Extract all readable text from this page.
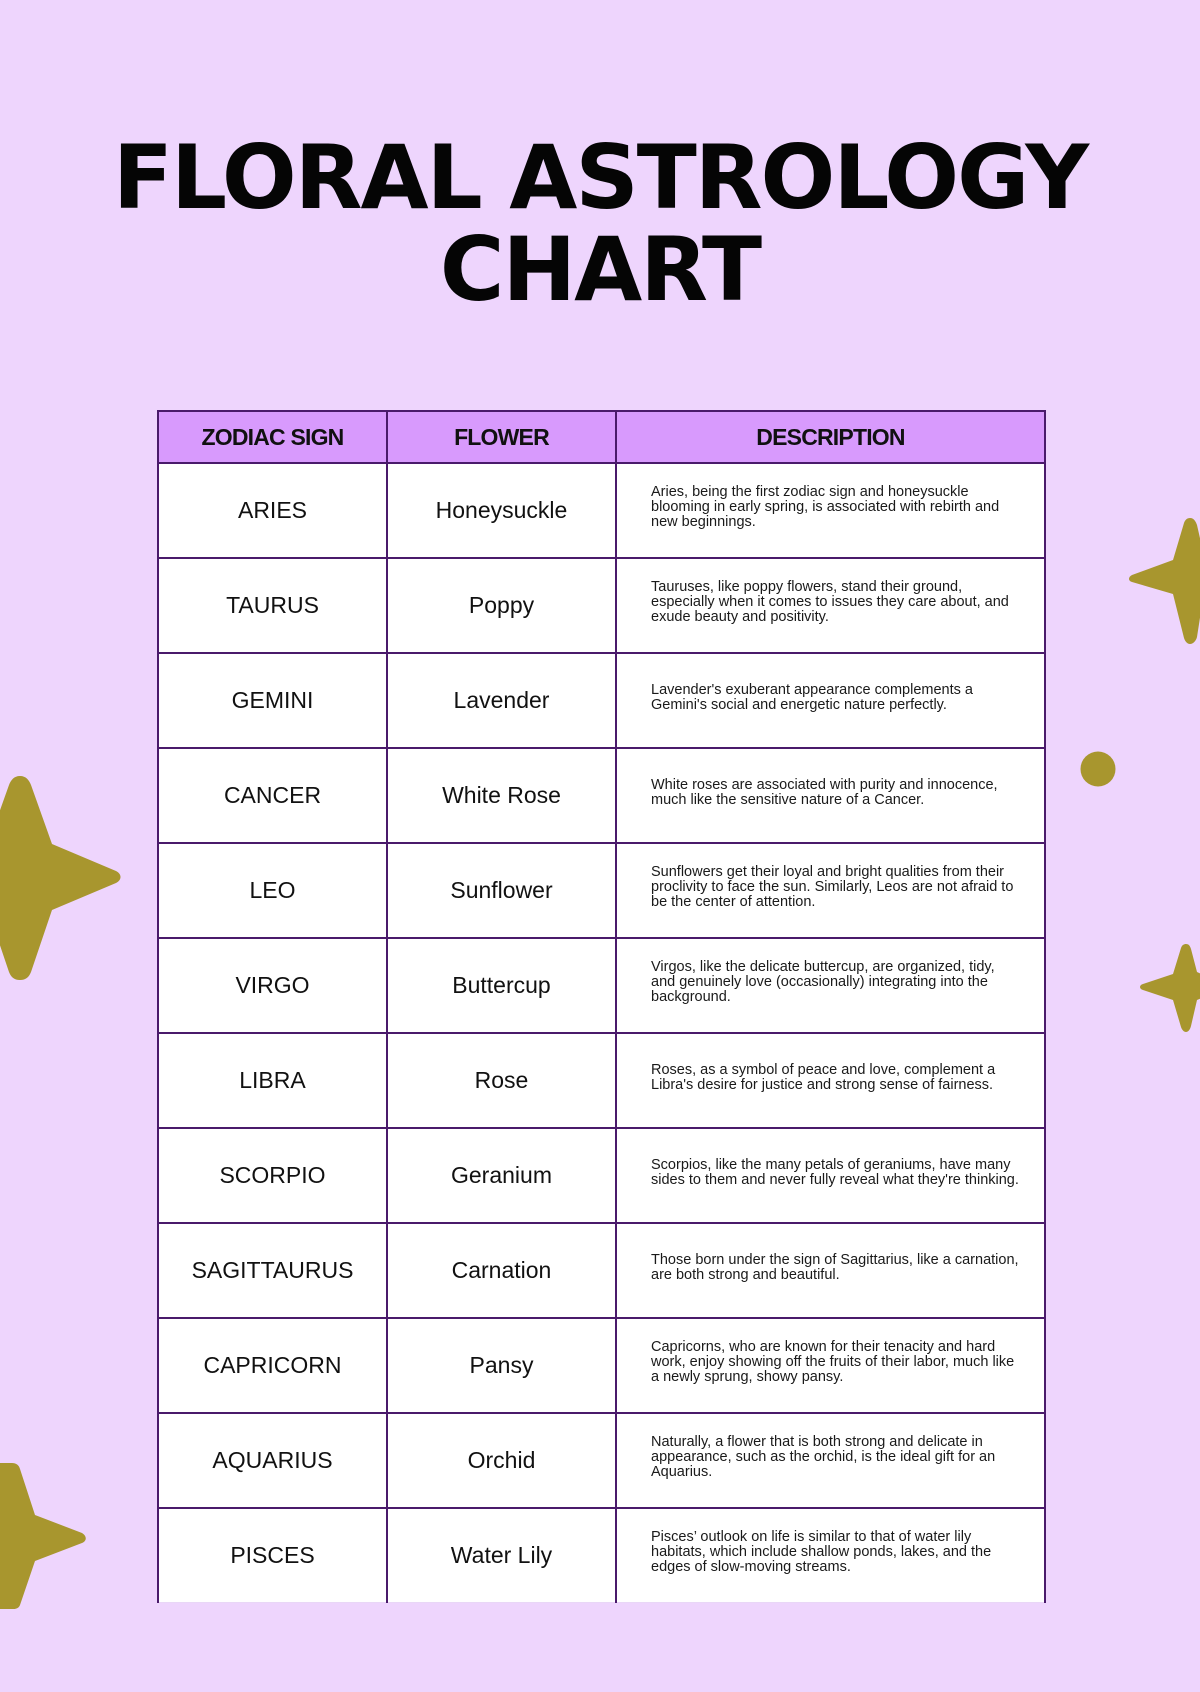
FLORAL ASTROLOGY
CHART
ZODIAC SIGN	FLOWER	DESCRIPTION
ARIES	Honeysuckle	Aries, being the first zodiac sign and honeysuckle blooming in early spring, is associated with rebirth and new beginnings.
TAURUS	Poppy	Tauruses, like poppy flowers, stand their ground, especially when it comes to issues they care about, and exude beauty and positivity.
GEMINI	Lavender	Lavender's exuberant appearance complements a Gemini's social and energetic nature perfectly.
CANCER	White Rose	White roses are associated with purity and innocence, much like the sensitive nature of a Cancer.
LEO	Sunflower	Sunflowers get their loyal and bright qualities from their proclivity to face the sun. Similarly, Leos are not afraid to be the center of attention.
VIRGO	Buttercup	Virgos, like the delicate buttercup, are organized, tidy, and genuinely love (occasionally) integrating into the background.
LIBRA	Rose	Roses, as a symbol of peace and love, complement a Libra's desire for justice and strong sense of fairness.
SCORPIO	Geranium	Scorpios, like the many petals of geraniums, have many sides to them and never fully reveal what they're thinking.
SAGITTAURUS	Carnation	Those born under the sign of Sagittarius, like a carnation, are both strong and beautiful.
CAPRICORN	Pansy	Capricorns, who are known for their tenacity and hard work, enjoy showing off the fruits of their labor, much like a newly sprung, showy pansy.
AQUARIUS	Orchid	Naturally, a flower that is both strong and delicate in appearance, such as the orchid, is the ideal gift for an Aquarius.
PISCES	Water Lily	Pisces’ outlook on life is similar to that of water lily habitats, which include shallow ponds, lakes, and the edges of slow-moving streams.
